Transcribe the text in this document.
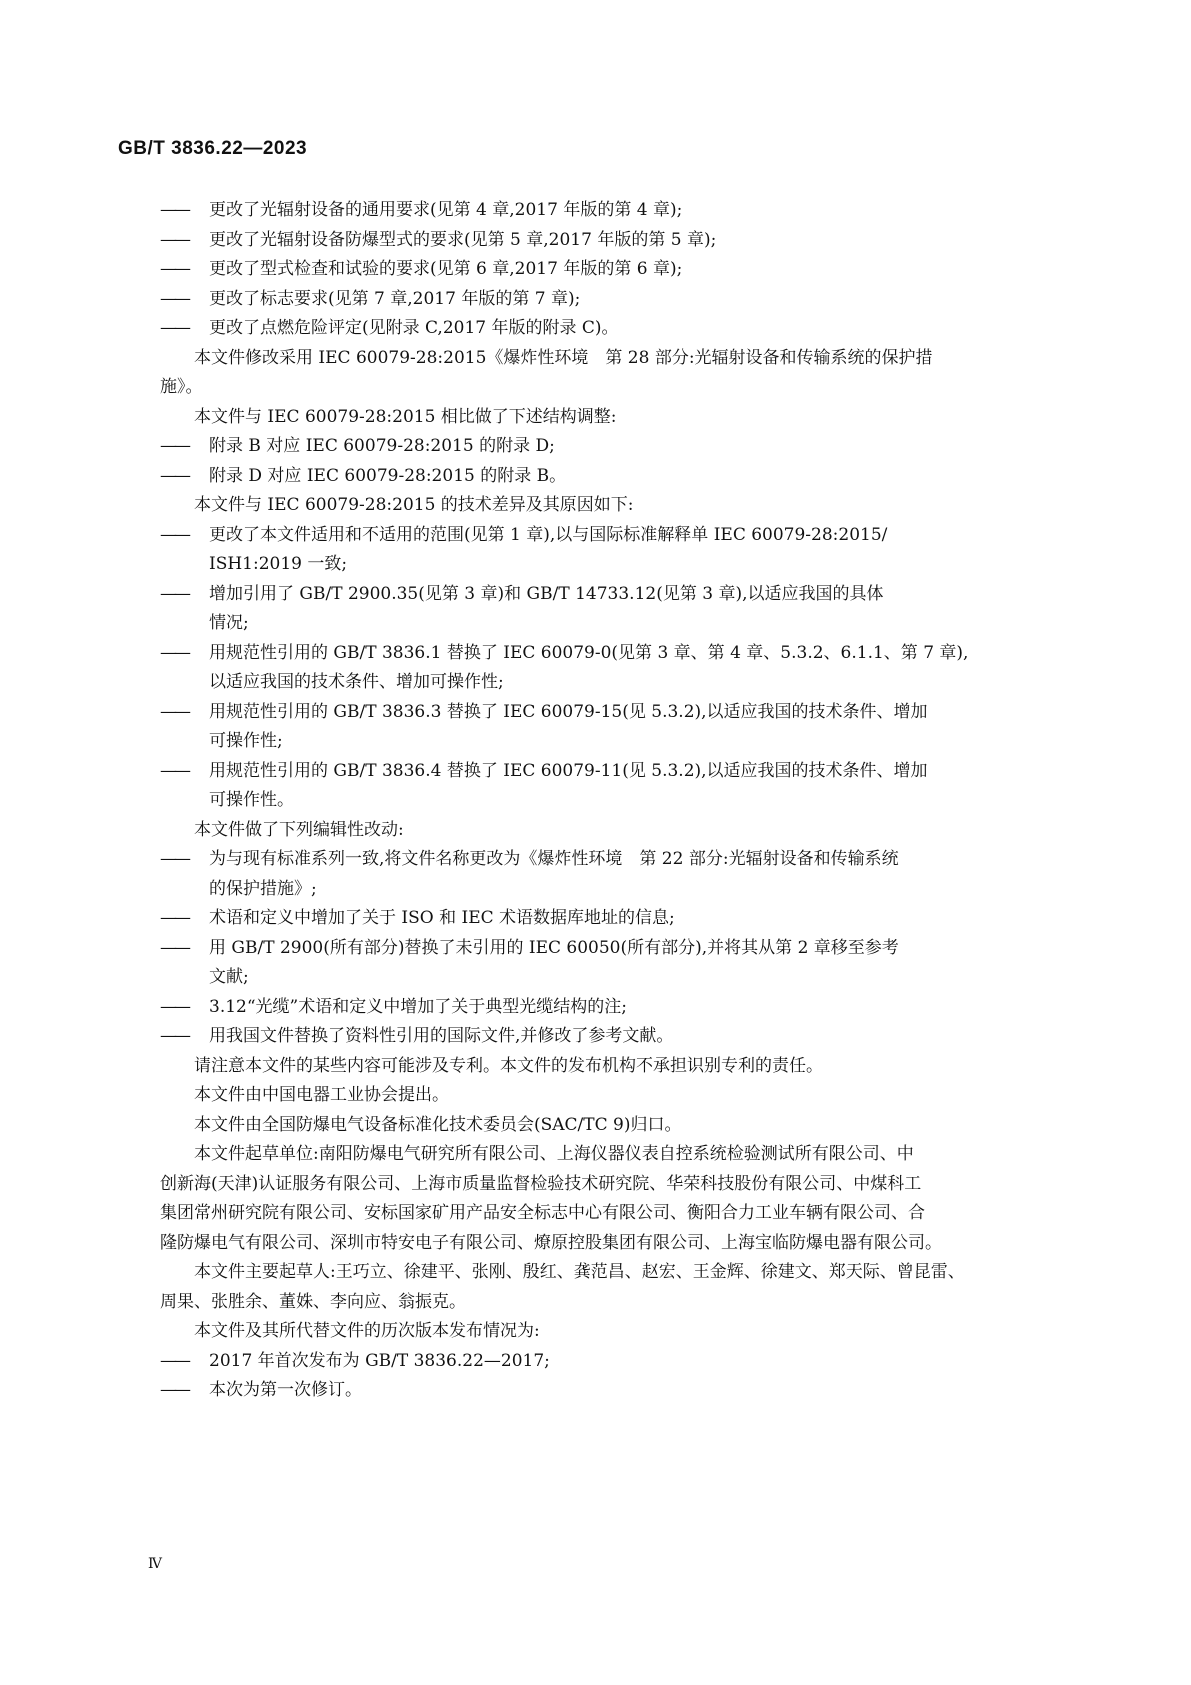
GB/T 3836.22—2023

——	更改了光辐射设备的通用要求(见第 4 章,2017 年版的第 4 章);

——	更改了光辐射设备防爆型式的要求(见第 5 章,2017 年版的第 5 章);

——	更改了型式检查和试验的要求(见第 6 章,2017 年版的第 6 章);

——	更改了标志要求(见第 7 章,2017 年版的第 7 章);

——	更改了点燃危险评定(见附录 C,2017 年版的附录 C)。

本文件修改采用 IEC 60079-28:2015《爆炸性环境　第 28 部分:光辐射设备和传输系统的保护措

施》。

本文件与 IEC 60079-28:2015 相比做了下述结构调整:

——	附录 B 对应 IEC 60079-28:2015 的附录 D;

——	附录 D 对应 IEC 60079-28:2015 的附录 B。

本文件与 IEC 60079-28:2015 的技术差异及其原因如下:

——	更改了本文件适用和不适用的范围(见第 1 章),以与国际标准解释单 IEC 60079-28:2015/
ISH1:2019 一致;

——	增加引用了 GB/T 2900.35(见第 3 章)和 GB/T 14733.12(见第 3 章),以适应我国的具体
情况;

——	用规范性引用的 GB/T 3836.1 替换了 IEC 60079-0(见第 3 章、第 4 章、5.3.2、6.1.1、第 7 章),
以适应我国的技术条件、增加可操作性;

——	用规范性引用的 GB/T 3836.3 替换了 IEC 60079-15(见 5.3.2),以适应我国的技术条件、增加
可操作性;

——	用规范性引用的 GB/T 3836.4 替换了 IEC 60079-11(见 5.3.2),以适应我国的技术条件、增加
可操作性。

本文件做了下列编辑性改动:

——	为与现有标准系列一致,将文件名称更改为《爆炸性环境　第 22 部分:光辐射设备和传输系统
的保护措施》;

——	术语和定义中增加了关于 ISO 和 IEC 术语数据库地址的信息;

——	用 GB/T 2900(所有部分)替换了未引用的 IEC 60050(所有部分),并将其从第 2 章移至参考
文献;

——	3.12“光缆”术语和定义中增加了关于典型光缆结构的注;

——	用我国文件替换了资料性引用的国际文件,并修改了参考文献。

请注意本文件的某些内容可能涉及专利。本文件的发布机构不承担识别专利的责任。

本文件由中国电器工业协会提出。

本文件由全国防爆电气设备标准化技术委员会(SAC/TC 9)归口。

本文件起草单位:南阳防爆电气研究所有限公司、上海仪器仪表自控系统检验测试所有限公司、中

创新海(天津)认证服务有限公司、上海市质量监督检验技术研究院、华荣科技股份有限公司、中煤科工

集团常州研究院有限公司、安标国家矿用产品安全标志中心有限公司、衡阳合力工业车辆有限公司、合

隆防爆电气有限公司、深圳市特安电子有限公司、燎原控股集团有限公司、上海宝临防爆电器有限公司。

本文件主要起草人:王巧立、徐建平、张刚、殷红、龚范昌、赵宏、王金辉、徐建文、郑天际、曾昆雷、

周果、张胜余、董姝、李向应、翁振克。

本文件及其所代替文件的历次版本发布情况为:

——	2017 年首次发布为 GB/T 3836.22—2017;

——	本次为第一次修订。

Ⅳ
